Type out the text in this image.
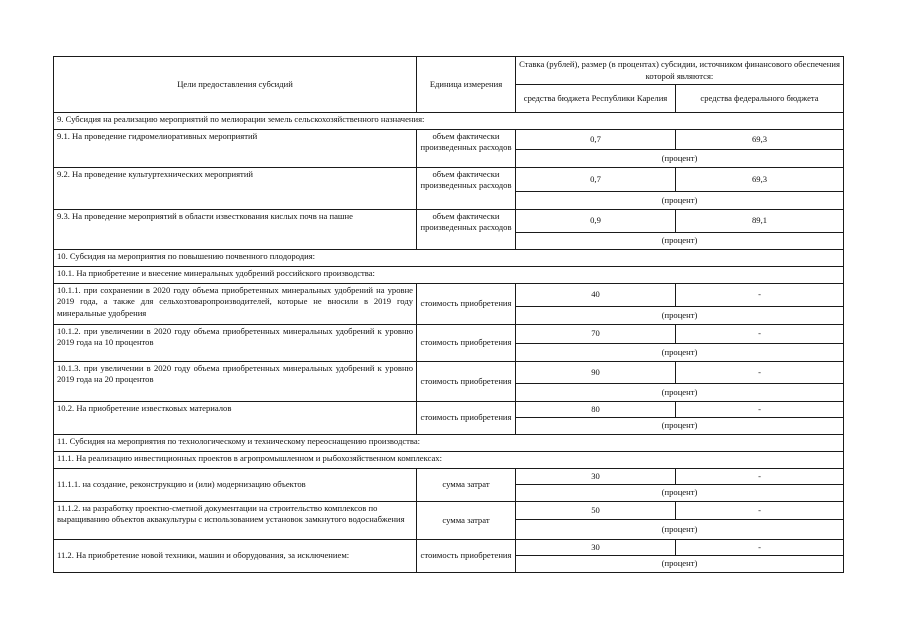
Цели предоставления субсидий	Единица измерения	Ставка (рублей), размер (в процентах) субсидии, источником финансового обеспечения которой являются:	
		средства бюджета Республики Карелия	средства федерального бюджета
9. Субсидия на реализацию мероприятий по мелиорации земель сельскохозяйственного назначения:			
9.1. На проведение гидромелиоративных мероприятий	объем фактически произведенных расходов	0,7	69,3
		(процент)	
9.2. На проведение культуртехнических мероприятий	объем фактически произведенных расходов	0,7	69,3
		(процент)	
9.3. На проведение мероприятий в области известкования кислых почв на пашне	объем фактически произведенных расходов	0,9	89,1
		(процент)	
10. Субсидия на мероприятия по повышению почвенного плодородия:			
10.1. На приобретение и внесение минеральных удобрений российского производства:			
10.1.1. при сохранении в 2020 году объема приобретенных минеральных удобрений на уровне 2019 года, а также для сельхозтоваропроизводителей, которые не вносили в 2019 году минеральные удобрения	стоимость приобретения	40	-
		(процент)	
10.1.2. при увеличении в 2020 году объема приобретенных минеральных удобрений к уровню 2019 года на 10 процентов	стоимость приобретения	70	-
		(процент)	
10.1.3. при увеличении в 2020 году объема приобретенных минеральных удобрений к уровню 2019 года на 20 процентов	стоимость приобретения	90	-
		(процент)	
10.2. На приобретение известковых материалов	стоимость приобретения	80	-
		(процент)	
11. Субсидия на мероприятия по технологическому и техническому переоснащению производства:			
11.1. На реализацию инвестиционных проектов в агропромышленном и рыбохозяйственном комплексах:			
11.1.1. на создание, реконструкцию и (или) модернизацию объектов	сумма затрат	30	-
		(процент)	
11.1.2. на разработку проектно-сметной документации на строительство комплексов по выращиванию объектов аквакультуры с использованием установок замкнутого водоснабжения	сумма затрат	50	-
		(процент)	
11.2. На приобретение новой техники, машин и оборудования, за исключением:	стоимость приобретения	30	-
		(процент)	
